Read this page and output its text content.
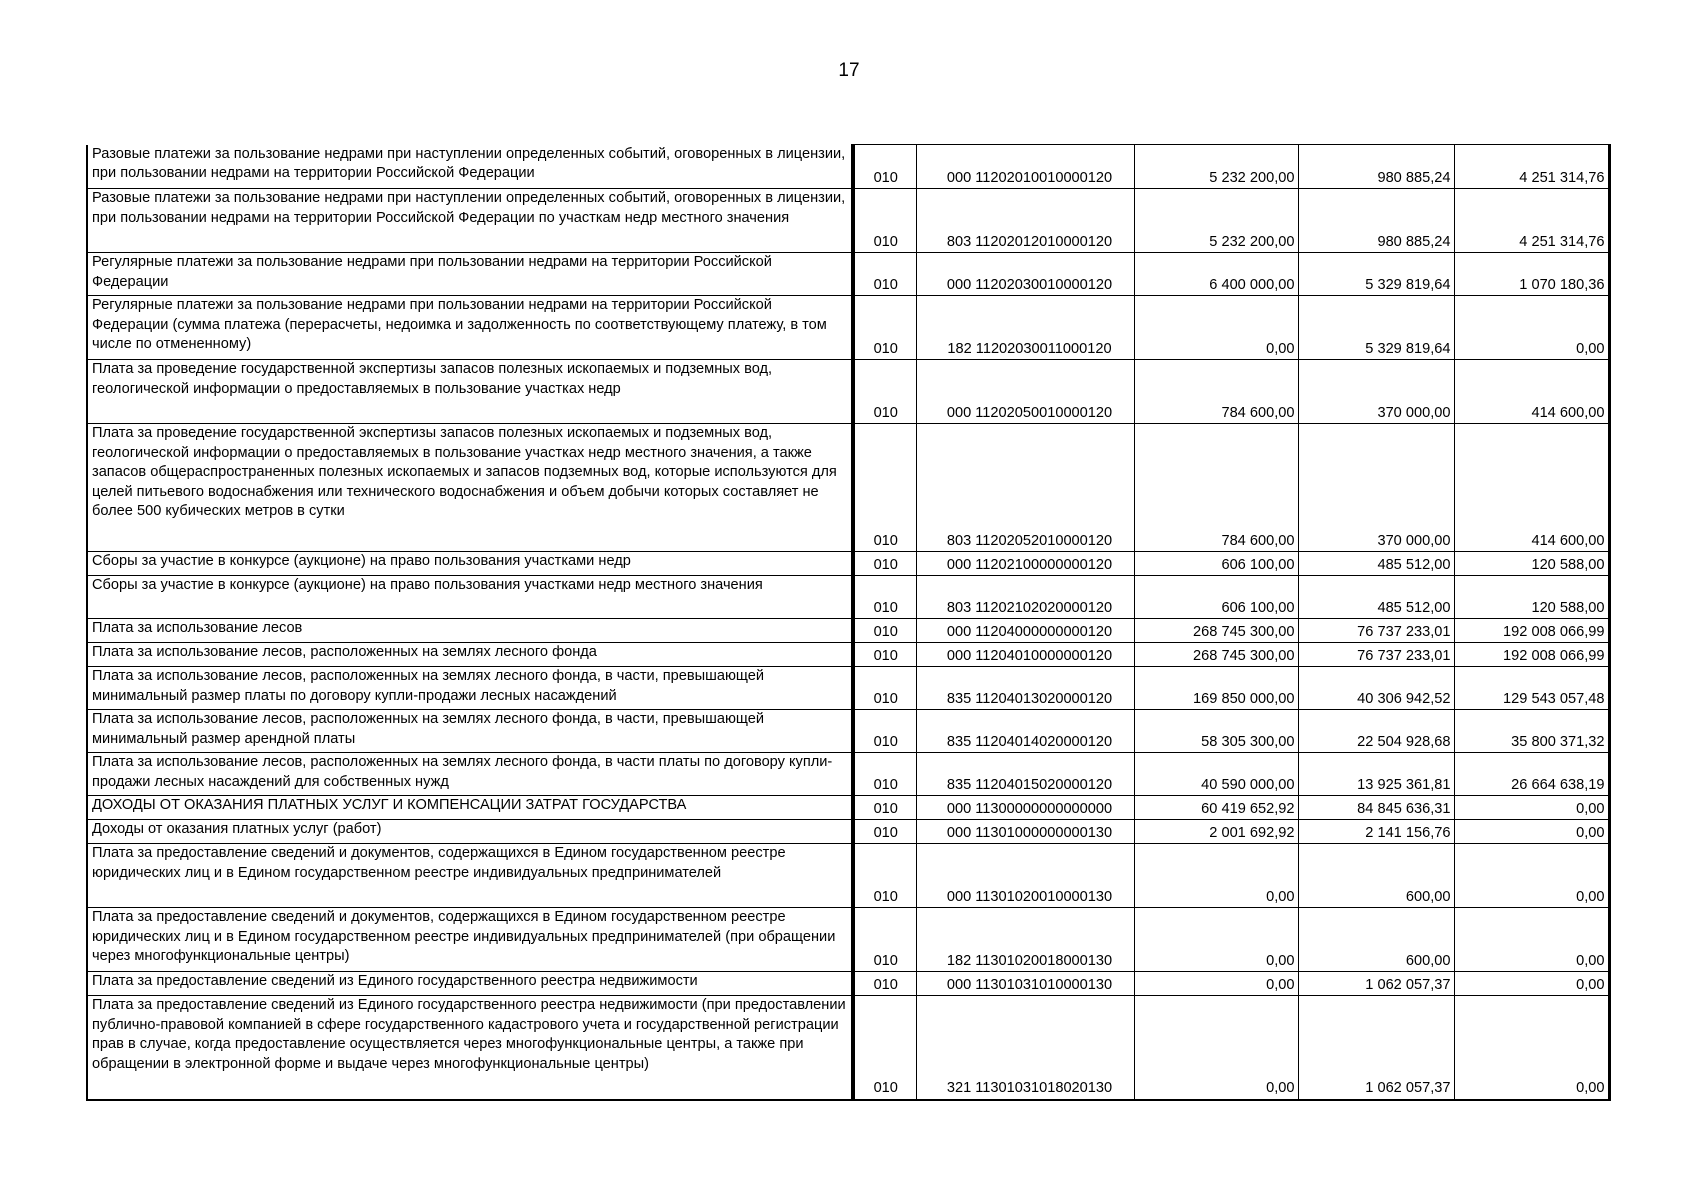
17
Разовые платежи за пользование недрами при наступлении определенных событий, оговоренных в лицензии, при пользовании недрами на территории Российской Федерации	010	000 11202010010000120	5 232 200,00	980 885,24	4 251 314,76
Разовые платежи за пользование недрами при наступлении определенных событий, оговоренных в лицензии, при пользовании недрами на территории Российской Федерации по участкам недр местного значения	010	803 11202012010000120	5 232 200,00	980 885,24	4 251 314,76
Регулярные платежи за пользование недрами при пользовании недрами на территории Российской Федерации	010	000 11202030010000120	6 400 000,00	5 329 819,64	1 070 180,36
Регулярные платежи за пользование недрами при пользовании недрами на территории Российской Федерации (сумма платежа (перерасчеты, недоимка и задолженность по соответствующему платежу, в том числе по отмененному)	010	182 11202030011000120	0,00	5 329 819,64	0,00
Плата за проведение государственной экспертизы запасов полезных ископаемых и подземных вод, геологической информации о предоставляемых в пользование участках недр	010	000 11202050010000120	784 600,00	370 000,00	414 600,00
Плата за проведение государственной экспертизы запасов полезных ископаемых и подземных вод, геологической информации о предоставляемых в пользование участках недр местного значения, а также запасов общераспространенных полезных ископаемых и запасов подземных вод, которые используются для целей питьевого водоснабжения или технического водоснабжения и объем добычи которых составляет не более 500 кубических метров в сутки	010	803 11202052010000120	784 600,00	370 000,00	414 600,00
Сборы за участие в конкурсе (аукционе) на право пользования участками недр	010	000 11202100000000120	606 100,00	485 512,00	120 588,00
Сборы за участие в конкурсе (аукционе) на право пользования участками недр местного значения	010	803 11202102020000120	606 100,00	485 512,00	120 588,00
Плата за использование лесов	010	000 11204000000000120	268 745 300,00	76 737 233,01	192 008 066,99
Плата за использование лесов, расположенных на землях лесного фонда	010	000 11204010000000120	268 745 300,00	76 737 233,01	192 008 066,99
Плата за использование лесов, расположенных на землях лесного фонда, в части, превышающей минимальный размер платы по договору купли-продажи лесных насаждений	010	835 11204013020000120	169 850 000,00	40 306 942,52	129 543 057,48
Плата за использование лесов, расположенных на землях лесного фонда, в части, превышающей минимальный размер арендной платы	010	835 11204014020000120	58 305 300,00	22 504 928,68	35 800 371,32
Плата за использование лесов, расположенных на землях лесного фонда, в части платы по договору купли-продажи лесных насаждений для собственных нужд	010	835 11204015020000120	40 590 000,00	13 925 361,81	26 664 638,19
ДОХОДЫ ОТ ОКАЗАНИЯ ПЛАТНЫХ УСЛУГ И КОМПЕНСАЦИИ ЗАТРАТ ГОСУДАРСТВА	010	000 11300000000000000	60 419 652,92	84 845 636,31	0,00
Доходы от оказания платных услуг (работ)	010	000 11301000000000130	2 001 692,92	2 141 156,76	0,00
Плата за предоставление сведений и документов, содержащихся в Едином государственном реестре юридических лиц и в Едином государственном реестре индивидуальных предпринимателей	010	000 11301020010000130	0,00	600,00	0,00
Плата за предоставление сведений и документов, содержащихся в Едином государственном реестре юридических лиц и в Едином государственном реестре индивидуальных предпринимателей (при обращении через многофункциональные центры)	010	182 11301020018000130	0,00	600,00	0,00
Плата за предоставление сведений из Единого государственного реестра недвижимости	010	000 11301031010000130	0,00	1 062 057,37	0,00
Плата за предоставление сведений из Единого государственного реестра недвижимости (при предоставлении публично-правовой компанией в сфере государственного кадастрового учета и государственной регистрации прав в случае, когда предоставление осуществляется через многофункциональные центры, а также при обращении в электронной форме и выдаче через многофункциональные центры)	010	321 11301031018020130	0,00	1 062 057,37	0,00
